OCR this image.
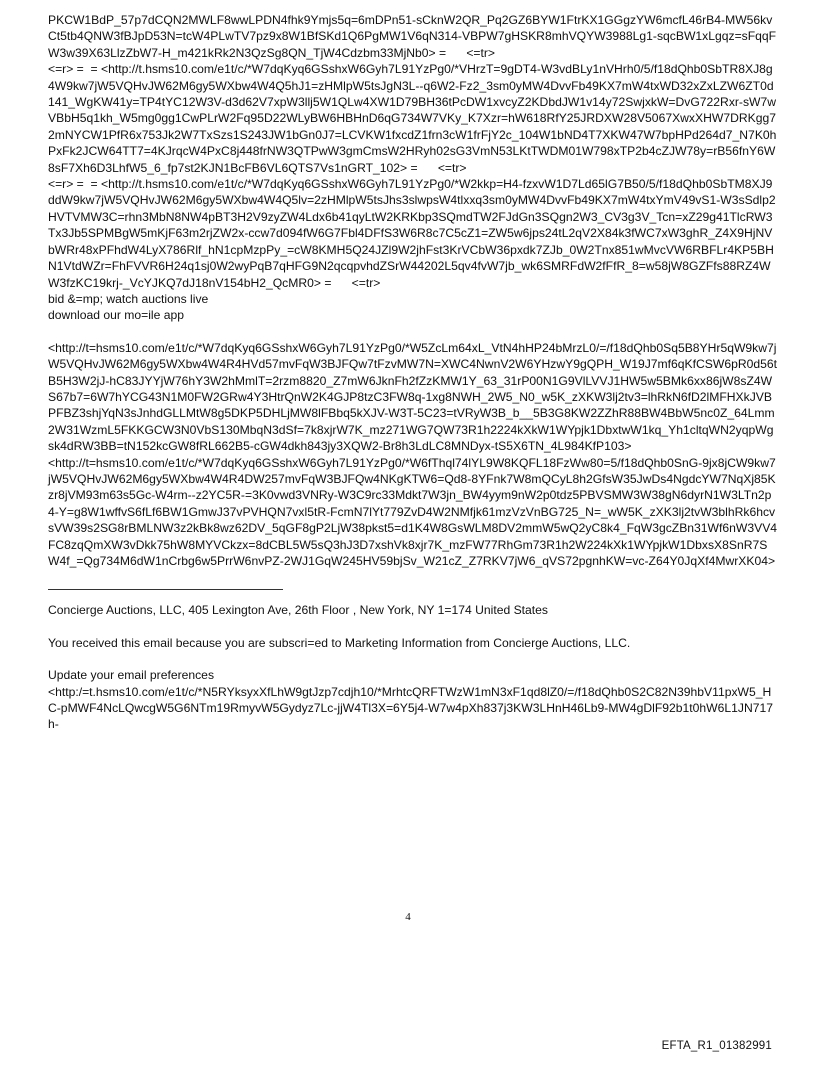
PKCW1BdP_57p7dCQN2MWLF8wwLPDN4fhk9Ymjs5q=6mDPn51-sCknW2QR_Pq2GZ6BYW1FtrKX1GGgzYW6mcfL46rB4-MW56kvCt5tb4QNW3fBJpD53N=tcW4PLwTV7pz9x8W1BfSKd1Q6PgMW1V6qN314-VBPW7gHSKR8mhVQYW3988Lg1-sqcBW1xLgqz=sFqqFW3w39X63LlzZbW7-H_m421kRk2N3QzSg8QN_TjW4Cdzbm33MjNb0> =      <=tr>
<=r> =  = <http://t.hsms10.com/e1t/c/*W7dqKyq6GSshxW6Gyh7L91YzPg0/*VHrzT=9gDT4-W3vdBLy1nVHrh0/5/f18dQhb0SbTR8XJ8g4W9kw7jW5VQHvJW62M6gy5WXbw4W4Q5hJ1=zHMlpW5tsJgN3L--q6W2-Fz2_3sm0yMW4DvvFb49KX7mW4txWD32xZxLZW6ZT0d141_WgKW41y=TP4tYC12W3V-d3d62V7xpW3llj5W1QLw4XW1D79BH36tPcDW1xvcyZ2KDbdJW1v14y72SwjxkW=DvG722Rxr-sW7wVBbH5q1kh_W5mg0gg1CwPLrW2Fq95D22WLyBW6HBHnD6qG734W7VKy_K7Xzr=hW618RfY25JRDXW28V5067XwxXHW7DRKgg72mNYCW1PfR6x753Jk2W7TxSzs1S243JW1bGn0J7=LCVKW1fxcdZ1frn3cW1frFjY2c_104W1bND4T7XKW47W7bpHPd264d7_N7K0hPxFk2JCW64TT7=4KJrqcW4PxC8j448frNW3QTPwW3gmCmsW2HRyh02sG3VmN53LKtTWDM01W798xTP2b4cZJW78y=rB56fnY6W8sF7Xh6D3LhfW5_6_fp7st2KJN1BcFB6VL6QTS7Vs1nGRT_102> =      <=tr>
<=r> =  = <http://t.hsms10.com/e1t/c/*W7dqKyq6GSshxW6Gyh7L91YzPg0/*W2kkp=H4-fzxvW1D7Ld65lG7B50/5/f18dQhb0SbTM8XJ9ddW9kw7jW5VQHvJW62M6gy5WXbw4W4Q5lv=2zHMlpW5tsJhs3slwpsW4tlxxq3sm0yMW4DvvFb49KX7mW4txYmV49vS1-W3sSdlp2HVTVMW3C=rhn3MbN8NW4pBT3H2V9zyZW4Ldx6b41qyLtW2KRKbp3SQmdTW2FJdGn3SQgn2W3_CV3g3V_Tcn=xZ29g41TlcRW3Tx3Jb5SPMBgW5mKjF63m2rjZW2x-ccw7d094fW6G7Fbl4DFfS3W6R8c7C5cZ1=ZW5w6jps24tL2qV2X84k3fWC7xW3ghR_Z4X9HjNVbWRr48xPFhdW4LyX786Rlf_hN1cpMzpPy_=cW8KMH5Q24JZl9W2jhFst3KrVCbW36pxdk7ZJb_0W2Tnx851wMvcVW6RBFLr4KP5BHN1VtdWZr=FhFVVR6H24q1sj0W2wyPqB7qHFG9N2qcqpvhdZSrW44202L5qv4fvW7jb_wk6SMRFdW2fFfR_8=w58jW8GZFfs88RZ4WW3fzKC19krj-_VcYJKQ7dJ18nV154bH2_QcMR0> =      <=tr>
bid &=mp; watch auctions live
download our mo=ile app

<http://t=hsms10.com/e1t/c/*W7dqKyq6GSshxW6Gyh7L91YzPg0/*W5ZcLm64xL_VtN4hHP24bMrzL0/=/f18dQhb0Sq5B8YHr5qW9kw7jW5VQHvJW62M6gy5WXbw4W4R4HVd57mvFqW3BJFQw7tFzvMW7N=XWC4NwnV2W6YHzwY9gQPH_W19J7mf6qKfCSW6pR0d56tB5H3W2jJ-hC83JYYjW76hY3W2hMmlT=2rzm8820_Z7mW6JknFh2fZzKMW1Y_63_31rP00N1G9VlLVVJ1HW5w5BMk6xx86jW8sZ4WS67b7=6W7hYCG43N1M0FW2GRw4Y3HtrQnW2K4GJP8tzC3FW8q-1xg8NWH_2W5_N0_w5K_zXKW3lj2tv3=lhRkN6fD2lMFHXkJVBPFBZ3shjYqN3sJnhdGLLMtW8g5DKP5DHLjMW8lFBbq5kXJV-W3T-5C23=tVRyW3B_b__5B3G8KW2ZZhR88BW4BbW5nc0Z_64Lmm2W31WzmL5FKKGCW3N0VbS130MbqN3dSf=7k8xjrW7K_mz271WG7QW73R1h2224kXkW1WYpjk1DbxtwW1kq_Yh1cltqWN2yqpWgsk4dRW3BB=tN152kcGW8fRL662B5-cGW4dkh843jy3XQW2-Br8h3LdLC8MNDyx-tS5X6TN_4L984KfP103>
<http://t=hsms10.com/e1t/c/*W7dqKyq6GSshxW6Gyh7L91YzPg0/*W6fThql74lYL9W8KQFL18FzWw80=5/f18dQhb0SnG-9jx8jCW9kw7jW5VQHvJW62M6gy5WXbw4W4R4DW257mvFqW3BJFQw4NKgKTW6=Qd8-8YFnk7W8mQCyL8h2GfsW35JwDs4NgdcYW7NqXj85Kzr8jVM93m63s5Gc-W4rm--z2YC5R-=3K0vwd3VNRy-W3C9rc33Mdkt7W3jn_BW4yym9nW2p0tdz5PBVSMW3W38gN6dyrN1W3LTn2p4-Y=g8W1wffvS6fLf6BW1GmwJ37vPVHQN7vxl5tR-FcmN7lYt779ZvD4W2NMfjk61mzVzVnBG725_N=_wW5K_zXK3lj2tvW3blhRk6hcvsVW39s2SG8rBMLNW3z2kBk8wz62DV_5qGF8gP2LjW38pkst5=d1K4W8GsWLM8DV2mmW5wQ2yC8k4_FqW3gcZBn31Wf6nW3VV4FC8zqQmXW3vDkk75hW8MYVCkzx=8dCBL5W5sQ3hJ3D7xshVk8xjr7K_mzFW77RhGm73R1h2W224kXk1WYpjkW1DbxsX8SnR7SW4f_=Qg734M6dW1nCrbg6w5PrrW6nvPZ-2WJ1GqW245HV59bjSv_W21cZ_Z7RKV7jW6_qVS72pgnhKW=vc-Z64Y0JqXf4MwrXK04>

Concierge Auctions, LLC, 405 Lexington Ave, 26th Floor , New York, NY 1=174 United States

You received this email because you are subscri=ed to Marketing Information from Concierge Auctions, LLC.

Update your email preferences

<http:/=t.hsms10.com/e1t/c/*N5RYksyxXfLhW9gtJzp7cdjh10/*MrhtcQRFTWzW1mN3xF1qd8lZ0/=/f18dQhb0S2C82N39hbV11pxW5_HC-pMWF4NcLQwcgW5G6NTm19RmyvW5Gydyz7Lc-jjW4Tl3X=6Y5j4-W7w4pXh837j3KW3LHnH46Lb9-MW4gDlF92b1t0hW6L1JN717h-

4
EFTA_R1_01382991
